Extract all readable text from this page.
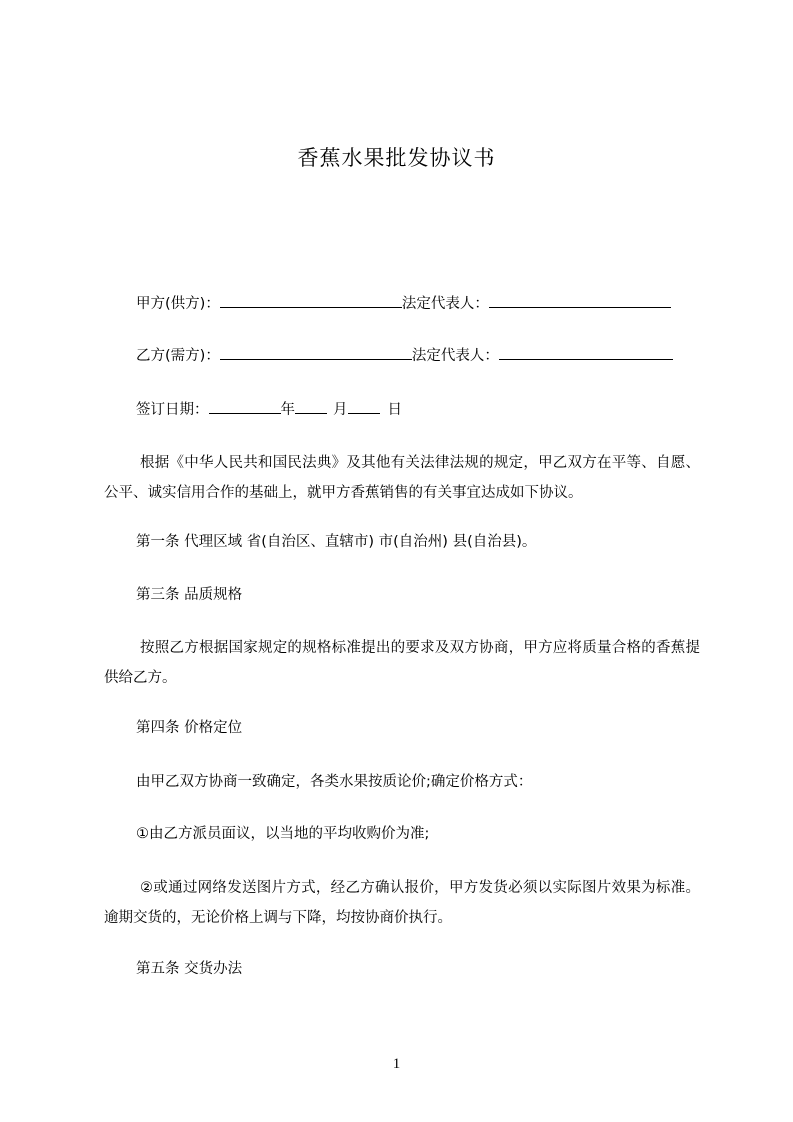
香蕉水果批发协议书
甲方(供方)：	法定代表人：
乙方(需方)：	法定代表人：
签订日期：	年	月	日

根据《中华人民共和国民法典》及其他有关法律法规的规定，甲乙双方在平等、自愿、公平、诚实信用合作的基础上，就甲方香蕉销售的有关事宜达成如下协议。

第一条 代理区域 省(自治区、直辖市) 市(自治州) 县(自治县)。

第三条 品质规格

按照乙方根据国家规定的规格标准提出的要求及双方协商，甲方应将质量合格的香蕉提供给乙方。

第四条 价格定位

由甲乙双方协商一致确定，各类水果按质论价;确定价格方式：

①由乙方派员面议，以当地的平均收购价为准;

②或通过网络发送图片方式，经乙方确认报价，甲方发货必须以实际图片效果为标准。逾期交货的，无论价格上调与下降，均按协商价执行。

第五条 交货办法

1
